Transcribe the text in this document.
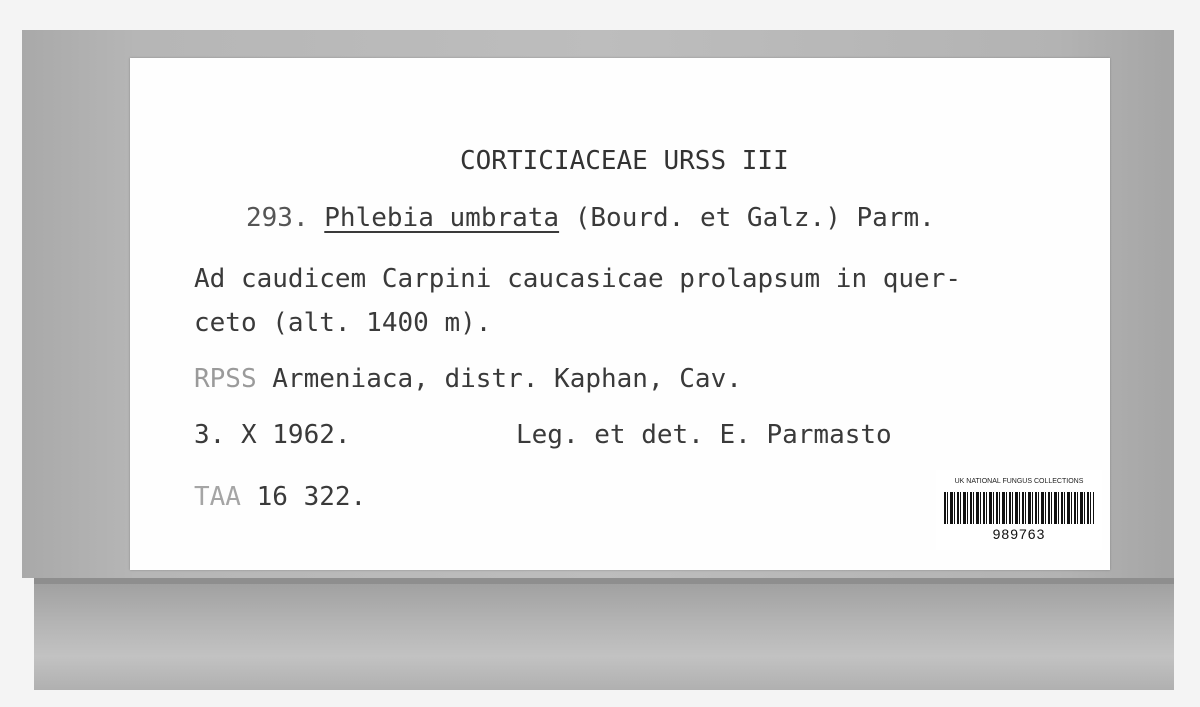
CORTICIACEAE URSS III
293. Phlebia umbrata (Bourd. et Galz.) Parm.
Ad caudicem Carpini caucasicae prolapsum in quer-
ceto (alt. 1400 m).
RPSS Armeniaca, distr. Kaphan, Cav.
3. X 1962.	Leg. et det. E. Parmasto
TAA 16 322.
UK NATIONAL FUNGUS COLLECTIONS
989763
